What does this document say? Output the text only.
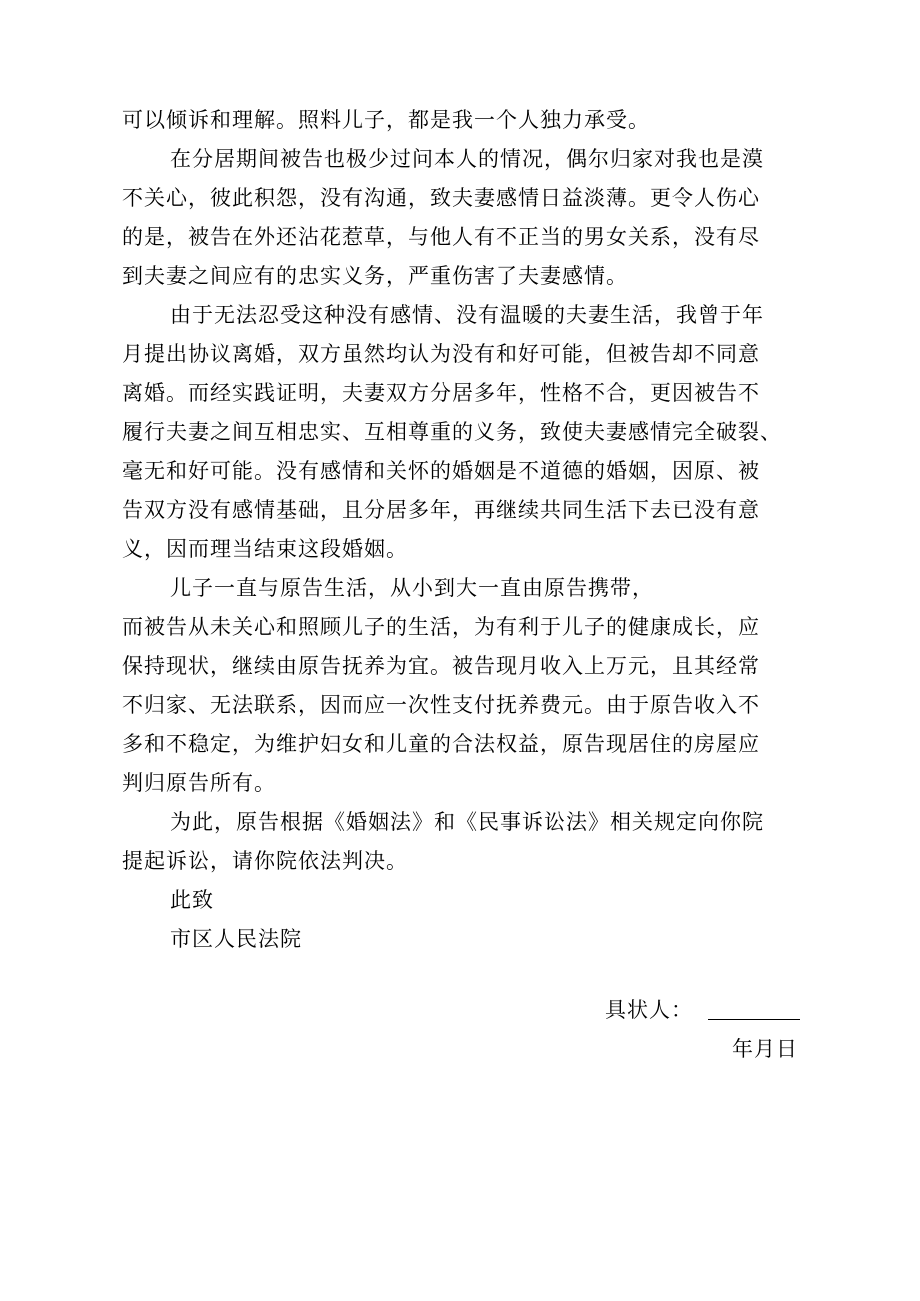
可以倾诉和理解。照料儿子，都是我一个人独力承受。
在分居期间被告也极少过问本人的情况，偶尔归家对我也是漠
不关心，彼此积怨，没有沟通，致夫妻感情日益淡薄。更令人伤心
的是，被告在外还沾花惹草，与他人有不正当的男女关系，没有尽
到夫妻之间应有的忠实义务，严重伤害了夫妻感情。
由于无法忍受这种没有感情、没有温暖的夫妻生活，我曾于年
月提出协议离婚，双方虽然均认为没有和好可能，但被告却不同意
离婚。而经实践证明，夫妻双方分居多年，性格不合，更因被告不
履行夫妻之间互相忠实、互相尊重的义务，致使夫妻感情完全破裂、
毫无和好可能。没有感情和关怀的婚姻是不道德的婚姻，因原、被
告双方没有感情基础，且分居多年，再继续共同生活下去已没有意
义，因而理当结束这段婚姻。
儿子一直与原告生活，从小到大一直由原告携带，
而被告从未关心和照顾儿子的生活，为有利于儿子的健康成长，应
保持现状，继续由原告抚养为宜。被告现月收入上万元，且其经常
不归家、无法联系，因而应一次性支付抚养费元。由于原告收入不
多和不稳定，为维护妇女和儿童的合法权益，原告现居住的房屋应
判归原告所有。
为此，原告根据《婚姻法》和《民事诉讼法》相关规定向你院
提起诉讼，请你院依法判决。
此致
市区人民法院
具状人：
年月日
